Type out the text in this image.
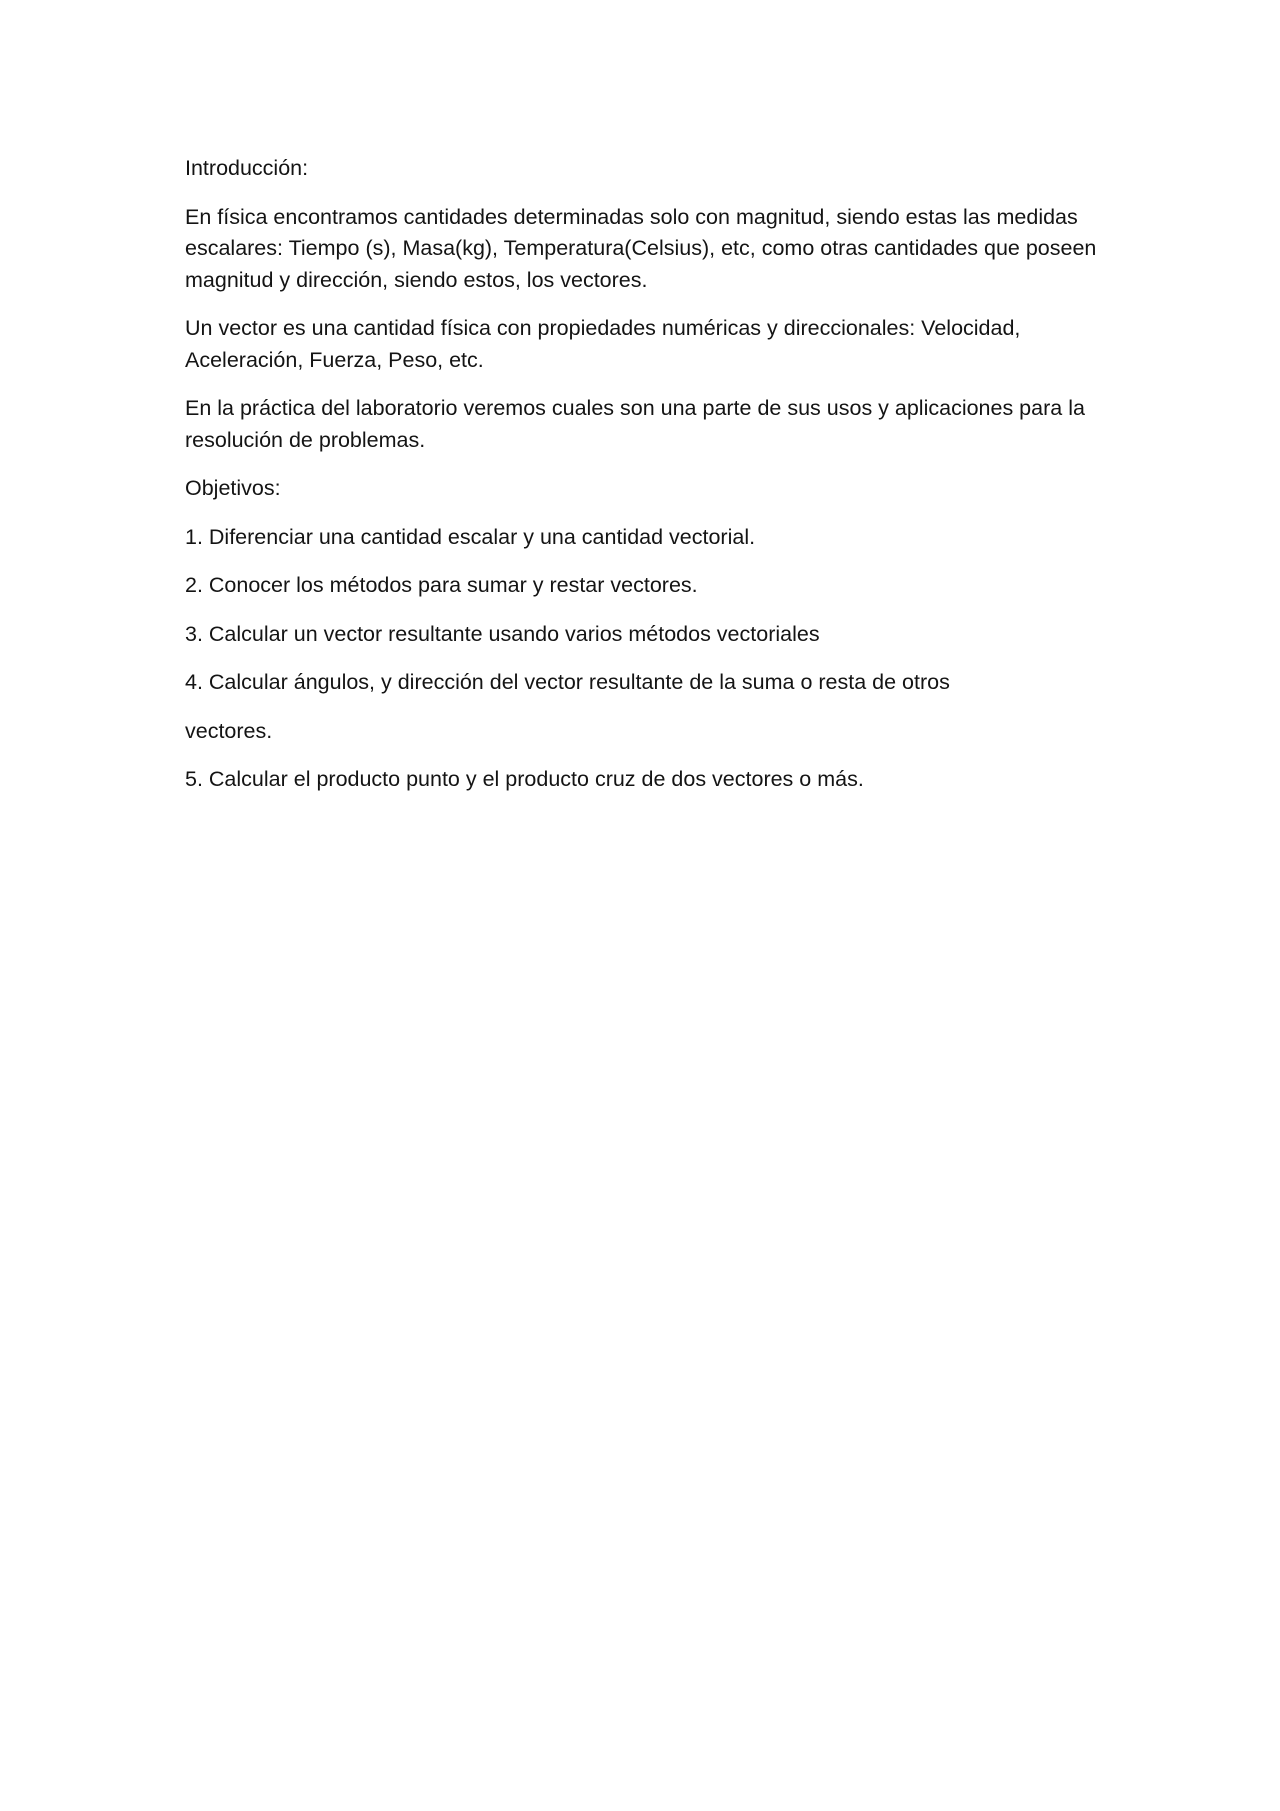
Introducción:

En física encontramos cantidades determinadas solo con magnitud, siendo estas las medidas escalares: Tiempo (s), Masa(kg), Temperatura(Celsius), etc, como otras cantidades que poseen magnitud y dirección, siendo estos, los vectores.

Un vector es una cantidad física con propiedades numéricas y direccionales: Velocidad, Aceleración, Fuerza, Peso, etc.

En la práctica del laboratorio veremos cuales son una parte de sus usos y aplicaciones para la resolución de problemas.

Objetivos:

1. Diferenciar una cantidad escalar y una cantidad vectorial.

2. Conocer los métodos para sumar y restar vectores.

3. Calcular un vector resultante usando varios métodos vectoriales

4. Calcular ángulos, y dirección del vector resultante de la suma o resta de otros

vectores.

5. Calcular el producto punto y el producto cruz de dos vectores o más.
